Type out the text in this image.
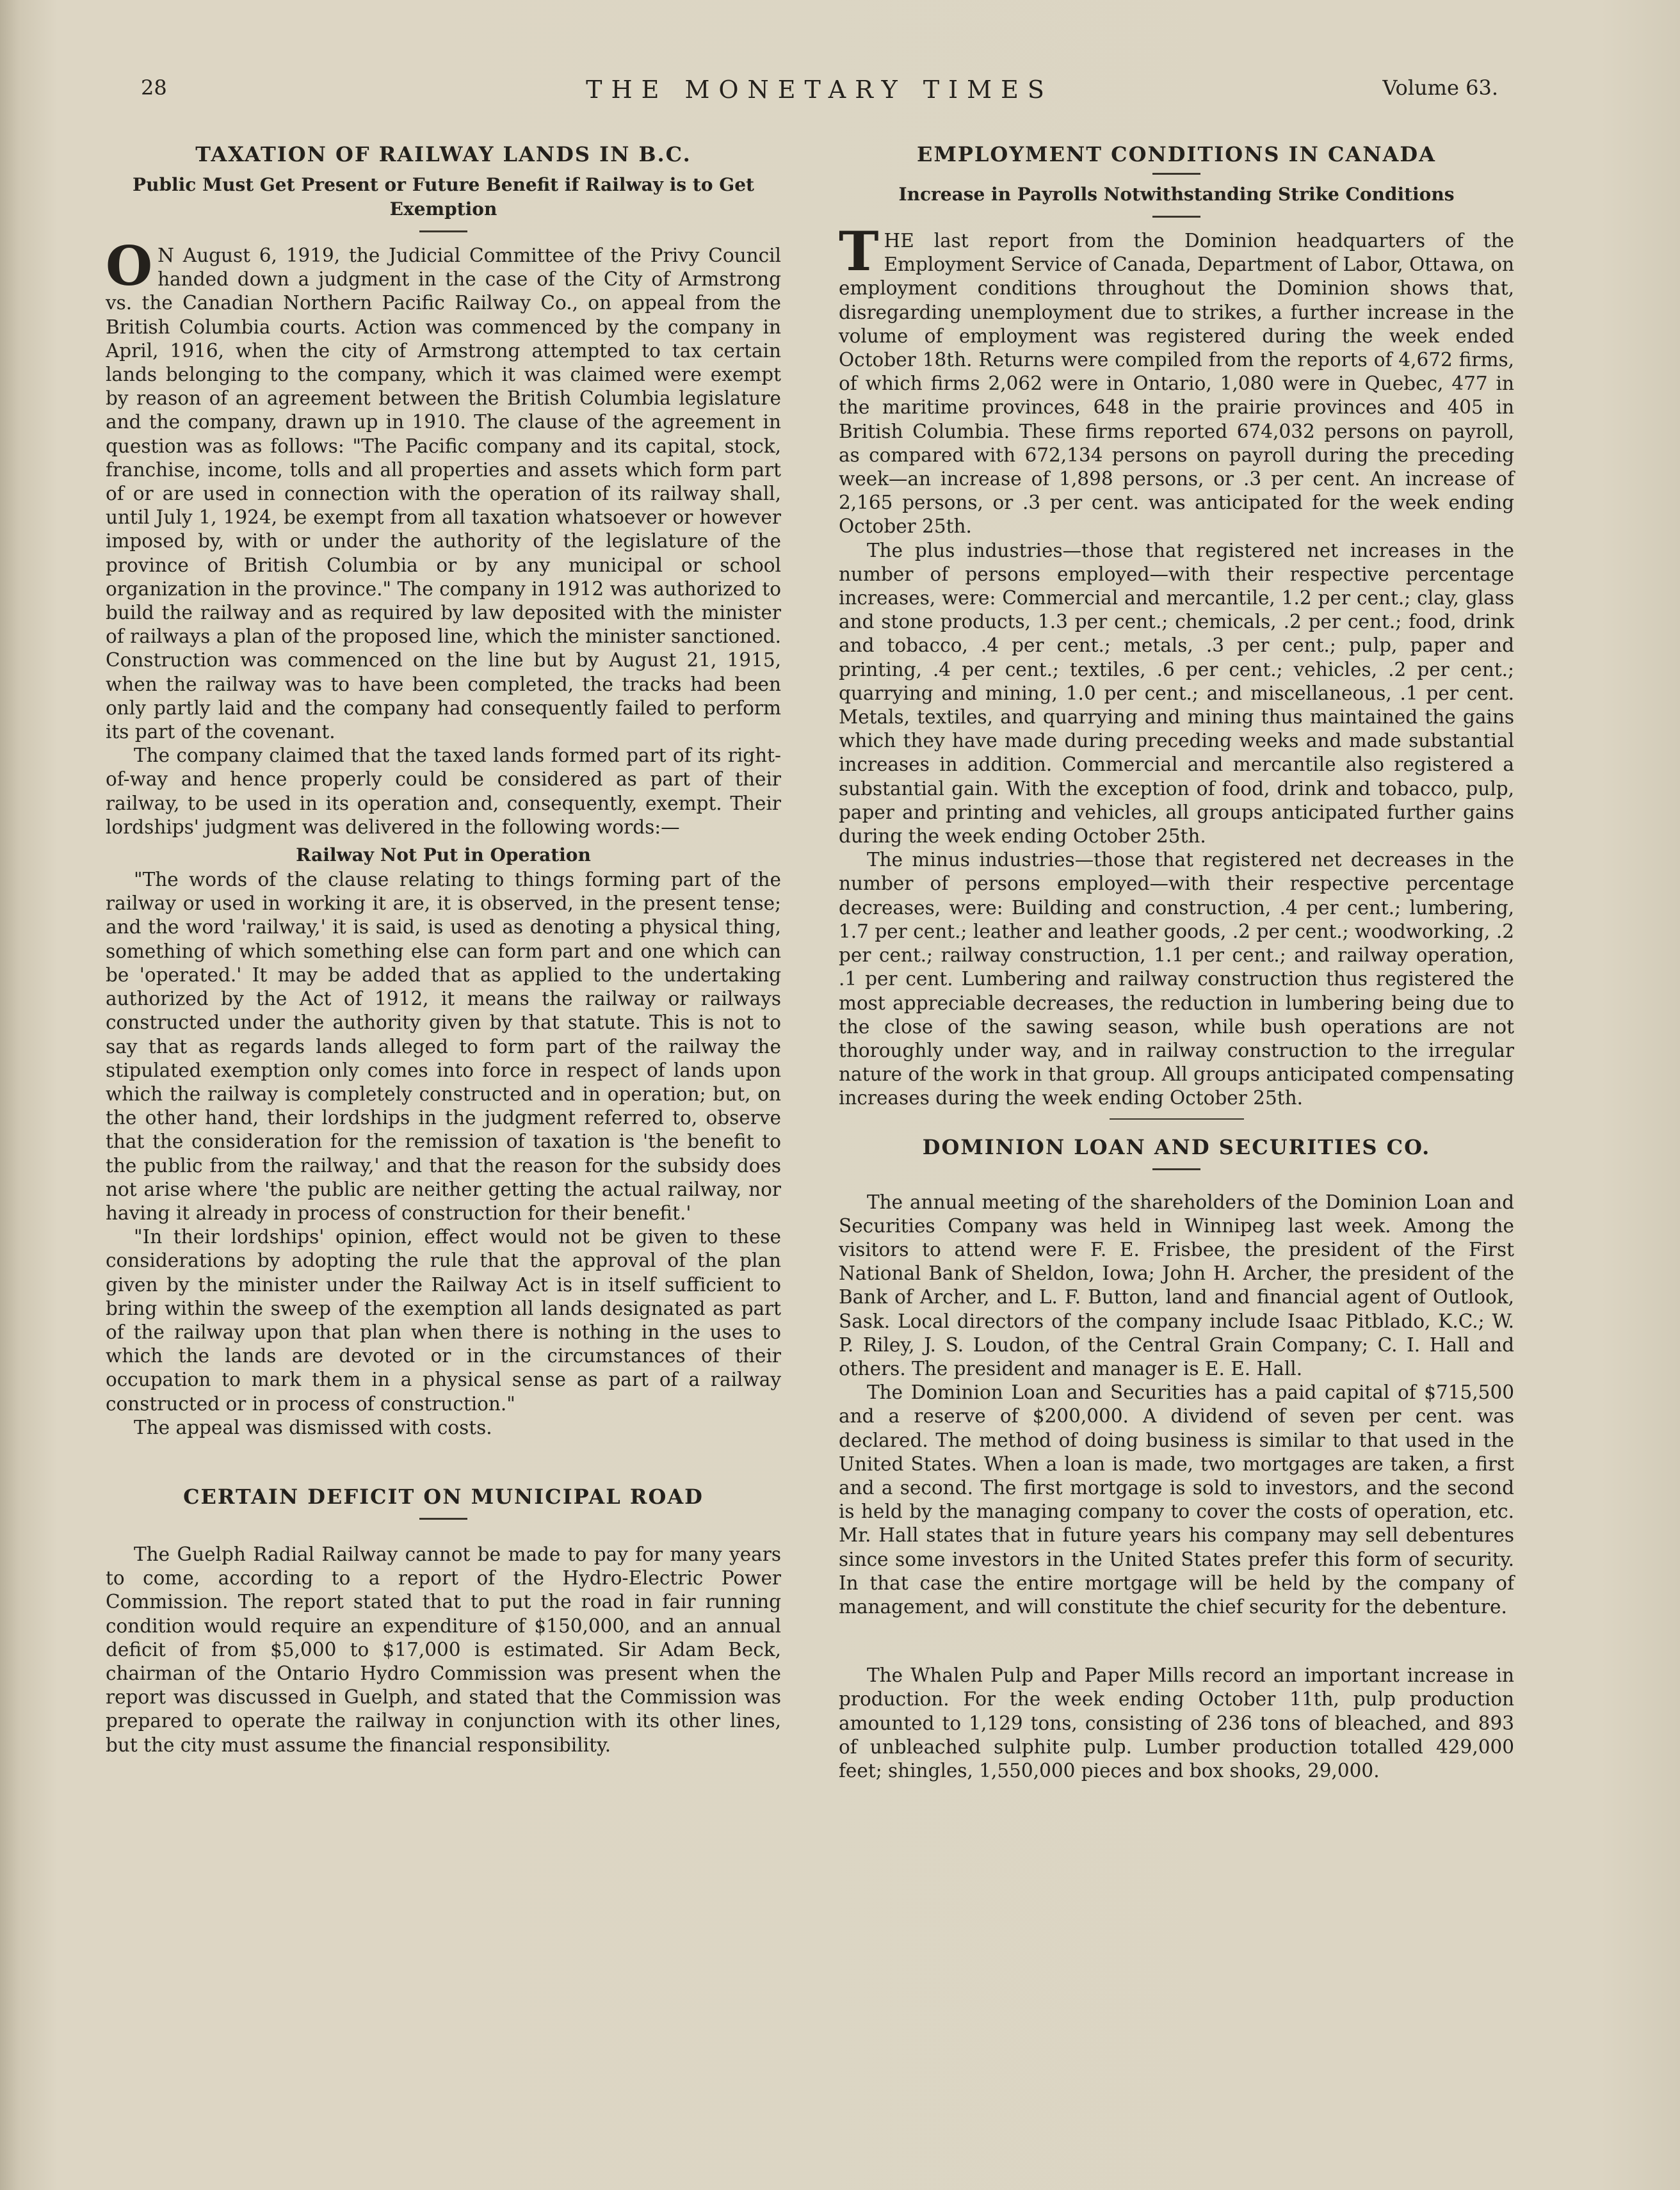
28	THE MONETARY TIMES	Volume 63.
TAXATION OF RAILWAY LANDS IN B.C.
Public Must Get Present or Future Benefit if Railway is to Get Exemption

O N August 6, 1919, the Judicial Committee of the Privy Council handed down a judgment in the case of the City of Armstrong vs. the Canadian Northern Pacific Railway Co., on appeal from the British Columbia courts. Action was commenced by the company in April, 1916, when the city of Armstrong attempted to tax certain lands belonging to the company, which it was claimed were exempt by reason of an agreement between the British Columbia legislature and the company, drawn up in 1910. The clause of the agreement in question was as follows: "The Pacific company and its capital, stock, franchise, income, tolls and all properties and assets which form part of or are used in connection with the operation of its railway shall, until July 1, 1924, be exempt from all taxation whatsoever or however imposed by, with or under the authority of the legislature of the province of British Columbia or by any municipal or school organization in the province." The company in 1912 was authorized to build the railway and as required by law deposited with the minister of railways a plan of the proposed line, which the minister sanctioned. Construction was commenced on the line but by August 21, 1915, when the railway was to have been completed, the tracks had been only partly laid and the company had consequently failed to perform its part of the covenant.

The company claimed that the taxed lands formed part of its right-of-way and hence properly could be considered as part of their railway, to be used in its operation and, consequently, exempt. Their lordships' judgment was delivered in the following words:—

Railway Not Put in Operation

"The words of the clause relating to things forming part of the railway or used in working it are, it is observed, in the present tense; and the word 'railway,' it is said, is used as denoting a physical thing, something of which something else can form part and one which can be 'operated.' It may be added that as applied to the undertaking authorized by the Act of 1912, it means the railway or railways constructed under the authority given by that statute. This is not to say that as regards lands alleged to form part of the railway the stipulated exemption only comes into force in respect of lands upon which the railway is completely constructed and in operation; but, on the other hand, their lordships in the judgment referred to, observe that the consideration for the remission of taxation is 'the benefit to the public from the railway,' and that the reason for the subsidy does not arise where 'the public are neither getting the actual railway, nor having it already in process of construction for their benefit.'

"In their lordships' opinion, effect would not be given to these considerations by adopting the rule that the approval of the plan given by the minister under the Railway Act is in itself sufficient to bring within the sweep of the exemption all lands designated as part of the railway upon that plan when there is nothing in the uses to which the lands are devoted or in the circumstances of their occupation to mark them in a physical sense as part of a railway constructed or in process of construction."

The appeal was dismissed with costs.

CERTAIN DEFICIT ON MUNICIPAL ROAD

The Guelph Radial Railway cannot be made to pay for many years to come, according to a report of the Hydro-Electric Power Commission. The report stated that to put the road in fair running condition would require an expenditure of $150,000, and an annual deficit of from $5,000 to $17,000 is estimated. Sir Adam Beck, chairman of the Ontario Hydro Commission was present when the report was discussed in Guelph, and stated that the Commission was prepared to operate the railway in conjunction with its other lines, but the city must assume the financial responsibility.

EMPLOYMENT CONDITIONS IN CANADA
Increase in Payrolls Notwithstanding Strike Conditions

THE last report from the Dominion headquarters of the Employment Service of Canada, Department of Labor, Ottawa, on employment conditions throughout the Dominion shows that, disregarding unemployment due to strikes, a further increase in the volume of employment was registered during the week ended October 18th. Returns were compiled from the reports of 4,672 firms, of which firms 2,062 were in Ontario, 1,080 were in Quebec, 477 in the maritime provinces, 648 in the prairie provinces and 405 in British Columbia. These firms reported 674,032 persons on payroll, as compared with 672,134 persons on payroll during the preceding week—an increase of 1,898 persons, or .3 per cent. An increase of 2,165 persons, or .3 per cent. was anticipated for the week ending October 25th.

The plus industries—those that registered net increases in the number of persons employed—with their respective percentage increases, were: Commercial and mercantile, 1.2 per cent.; clay, glass and stone products, 1.3 per cent.; chemicals, .2 per cent.; food, drink and tobacco, .4 per cent.; metals, .3 per cent.; pulp, paper and printing, .4 per cent.; textiles, .6 per cent.; vehicles, .2 per cent.; quarrying and mining, 1.0 per cent.; and miscellaneous, .1 per cent. Metals, textiles, and quarrying and mining thus maintained the gains which they have made during preceding weeks and made substantial increases in addition. Commercial and mercantile also registered a substantial gain. With the exception of food, drink and tobacco, pulp, paper and printing and vehicles, all groups anticipated further gains during the week ending October 25th.

The minus industries—those that registered net decreases in the number of persons employed—with their respective percentage decreases, were: Building and construction, .4 per cent.; lumbering, 1.7 per cent.; leather and leather goods, .2 per cent.; woodworking, .2 per cent.; railway construction, 1.1 per cent.; and railway operation, .1 per cent. Lumbering and railway construction thus registered the most appreciable decreases, the reduction in lumbering being due to the close of the sawing season, while bush operations are not thoroughly under way, and in railway construction to the irregular nature of the work in that group. All groups anticipated compensating increases during the week ending October 25th.

DOMINION LOAN AND SECURITIES CO.

The annual meeting of the shareholders of the Dominion Loan and Securities Company was held in Winnipeg last week. Among the visitors to attend were F. E. Frisbee, the president of the First National Bank of Sheldon, Iowa; John H. Archer, the president of the Bank of Archer, and L. F. Button, land and financial agent of Outlook, Sask. Local directors of the company include Isaac Pitblado, K.C.; W. P. Riley, J. S. Loudon, of the Central Grain Company; C. I. Hall and others. The president and manager is E. E. Hall.

The Dominion Loan and Securities has a paid capital of $715,500 and a reserve of $200,000. A dividend of seven per cent. was declared. The method of doing business is similar to that used in the United States. When a loan is made, two mortgages are taken, a first and a second. The first mortgage is sold to investors, and the second is held by the managing company to cover the costs of operation, etc. Mr. Hall states that in future years his company may sell debentures since some investors in the United States prefer this form of security. In that case the entire mortgage will be held by the company of management, and will constitute the chief security for the debenture.

The Whalen Pulp and Paper Mills record an important increase in production. For the week ending October 11th, pulp production amounted to 1,129 tons, consisting of 236 tons of bleached, and 893 of unbleached sulphite pulp. Lumber production totalled 429,000 feet; shingles, 1,550,000 pieces and box shooks, 29,000.
